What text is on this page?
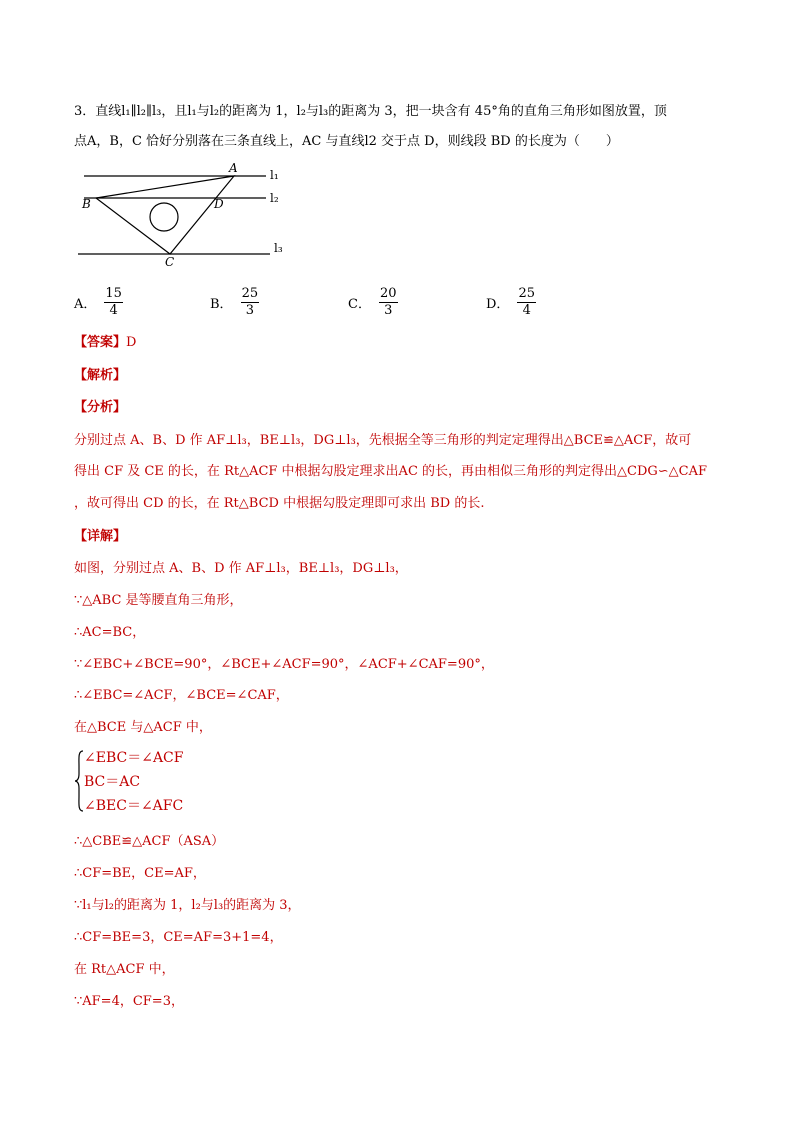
3．直线l₁∥l₂∥l₃，且l₁与l₂的距离为 1，l₂与l₃的距离为 3，把一块含有 45°角的直角三角形如图放置，顶
点A，B，C 恰好分别落在三条直线上，AC 与直线l2 交于点 D，则线段 BD 的长度为（　　）
A
B
C
D
l₁
l₂
l₃
A． $\frac{15}{4}$	B． $\frac{25}{3}$	C． $\frac{20}{3}$	D． $\frac{25}{4}$
【答案】D
【解析】
【分析】
分别过点 A、B、D 作 AF⊥l₃，BE⊥l₃，DG⊥l₃，先根据全等三角形的判定定理得出△BCE≌△ACF，故可
得出 CF 及 CE 的长，在 Rt△ACF 中根据勾股定理求出AC 的长，再由相似三角形的判定得出△CDG∽△CAF
，故可得出 CD 的长，在 Rt△BCD 中根据勾股定理即可求出 BD 的长.
【详解】
如图，分别过点 A、B、D 作 AF⊥l₃，BE⊥l₃，DG⊥l₃，
∵△ABC 是等腰直角三角形，
∴AC=BC，
∵∠EBC+∠BCE=90°，∠BCE+∠ACF=90°，∠ACF+∠CAF=90°，
∴∠EBC=∠ACF，∠BCE=∠CAF，
在△BCE 与△ACF 中，
∠EBC＝∠ACF
BC＝AC
∠BEC＝∠AFC
∴△CBE≌△ACF（ASA）
∴CF=BE，CE=AF，
∵l₁与l₂的距离为 1，l₂与l₃的距离为 3，
∴CF=BE=3，CE=AF=3+1=4，
在 Rt△ACF 中，
∵AF=4，CF=3，
